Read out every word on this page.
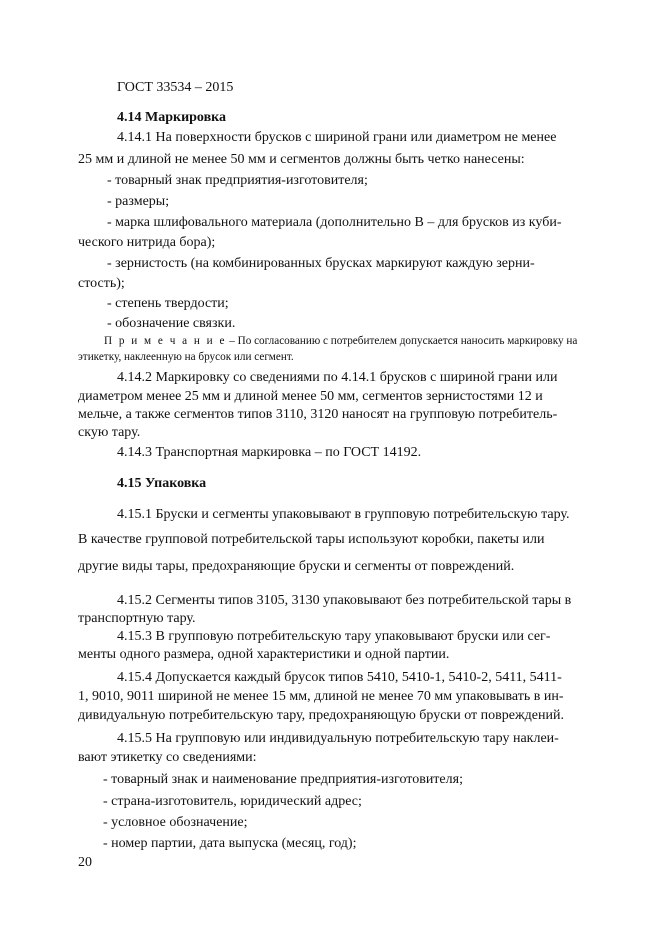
ГОСТ 33534 – 2015
4.14 Маркировка
4.14.1 На поверхности брусков с шириной грани или диаметром не менее
25 мм и длиной не менее 50 мм и сегментов должны быть четко нанесены:
- товарный знак предприятия-изготовителя;
- размеры;
- марка шлифовального материала (дополнительно В – для брусков из куби-
ческого нитрида бора);
- зернистость (на комбинированных брусках маркируют каждую зерни-
стость);
- степень твердости;
- обозначение связки.
П р и м е ч а н и е – По согласованию с потребителем допускается наносить маркировку на
этикетку, наклеенную на брусок или сегмент.
4.14.2 Маркировку со сведениями по 4.14.1 брусков с шириной грани или
диаметром менее 25 мм и длиной менее 50 мм, сегментов зернистостями 12 и
мельче, а также сегментов типов 3110, 3120 наносят на групповую потребитель-
скую тару.
4.14.3 Транспортная маркировка – по ГОСТ 14192.
4.15 Упаковка
4.15.1 Бруски и сегменты упаковывают в групповую потребительскую тару.
В качестве групповой потребительской тары используют коробки, пакеты или
другие виды тары, предохраняющие бруски и сегменты от повреждений.
4.15.2 Сегменты типов 3105, 3130 упаковывают без потребительской тары в
транспортную тару.
4.15.3 В групповую потребительскую тару упаковывают бруски или сег-
менты одного размера, одной характеристики и одной партии.
4.15.4 Допускается каждый брусок типов 5410, 5410-1, 5410-2, 5411, 5411-
1, 9010, 9011 шириной не менее 15 мм, длиной не менее 70 мм упаковывать в ин-
дивидуальную потребительскую тару, предохраняющую бруски от повреждений.
4.15.5 На групповую или индивидуальную потребительскую тару наклеи-
вают этикетку со сведениями:
- товарный знак и наименование предприятия-изготовителя;
- страна-изготовитель, юридический адрес;
- условное обозначение;
- номер партии, дата выпуска (месяц, год);
20
